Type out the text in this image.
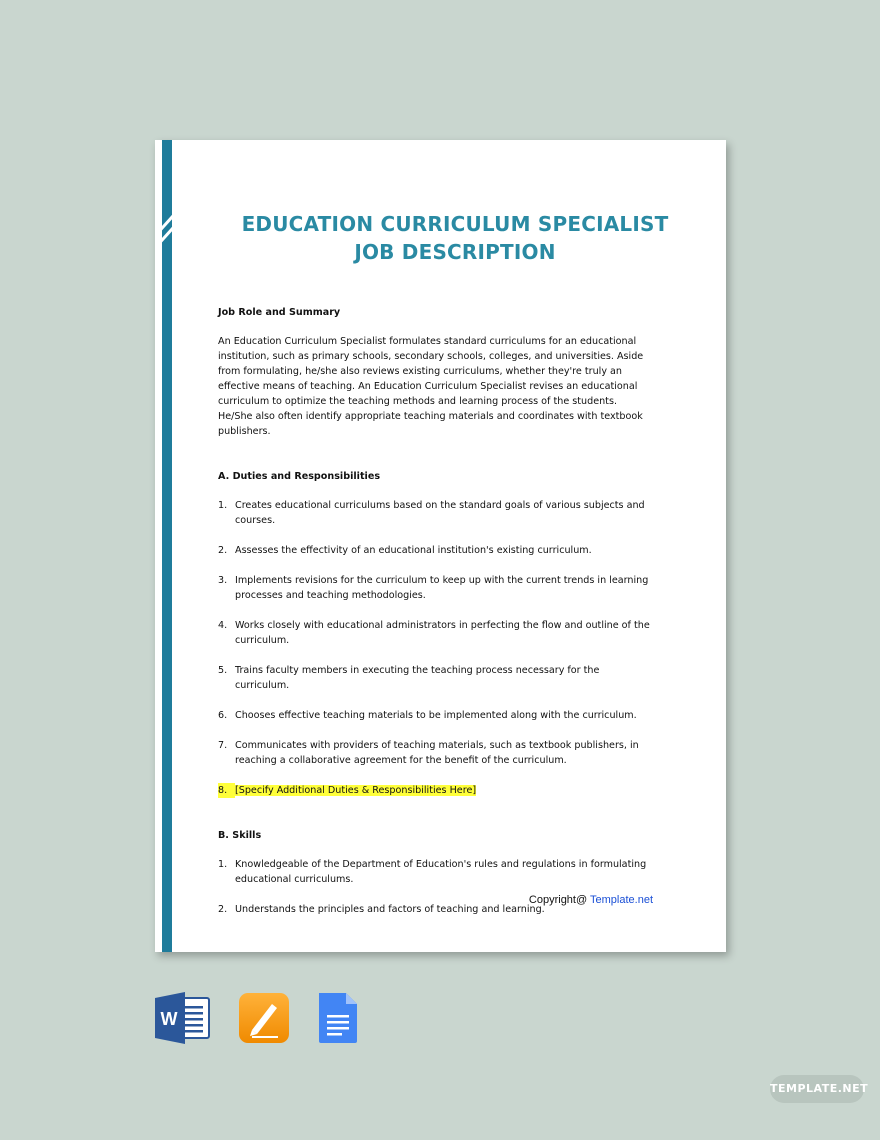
EDUCATION CURRICULUM SPECIALIST
JOB DESCRIPTION

Job Role and Summary

An Education Curriculum Specialist formulates standard curriculums for an educational institution, such as primary schools, secondary schools, colleges, and universities. Aside from formulating, he/she also reviews existing curriculums, whether they're truly an effective means of teaching. An Education Curriculum Specialist revises an educational curriculum to optimize the teaching methods and learning process of the students. He/She also often identify appropriate teaching materials and coordinates with textbook publishers.

A. Duties and Responsibilities

1. Creates educational curriculums based on the standard goals of various subjects and courses.
2. Assesses the effectivity of an educational institution's existing curriculum.
3. Implements revisions for the curriculum to keep up with the current trends in learning processes and teaching methodologies.
4. Works closely with educational administrators in perfecting the flow and outline of the curriculum.
5. Trains faculty members in executing the teaching process necessary for the curriculum.
6. Chooses effective teaching materials to be implemented along with the curriculum.
7. Communicates with providers of teaching materials, such as textbook publishers, in reaching a collaborative agreement for the benefit of the curriculum.
8. [Specify Additional Duties & Responsibilities Here]

B. Skills

1. Knowledgeable of the Department of Education's rules and regulations in formulating educational curriculums.
2. Understands the principles and factors of teaching and learning.
Copyright@ Template.net
W
TEMPLATE.NET
